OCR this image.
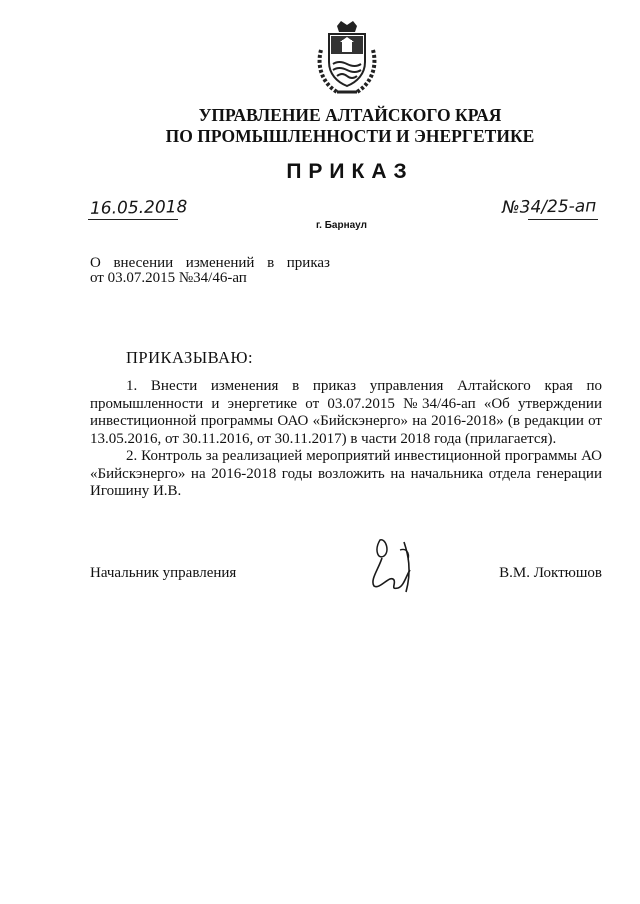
УПРАВЛЕНИЕ АЛТАЙСКОГО КРАЯ
ПО ПРОМЫШЛЕННОСТИ И ЭНЕРГЕТИКЕ
ПРИКАЗ
16.05.2018
г. Барнаул
№34/25-ап
О внесении изменений в приказ
от 03.07.2015 №34/46-ап
ПРИКАЗЫВАЮ:

1. Внести изменения в приказ управления Алтайского края по промышленности и энергетике от 03.07.2015 №34/46-ап «Об утверждении инвестиционной программы ОАО «Бийскэнерго» на 2016-2018» (в редакции от 13.05.2016, от 30.11.2016, от 30.11.2017) в части 2018 года (прилагается).

2. Контроль за реализацией мероприятий инвестиционной программы АО «Бийскэнерго» на 2016-2018 годы возложить на начальника отдела генерации Игошину И.В.

Начальник управления	В.М. Локтюшов
